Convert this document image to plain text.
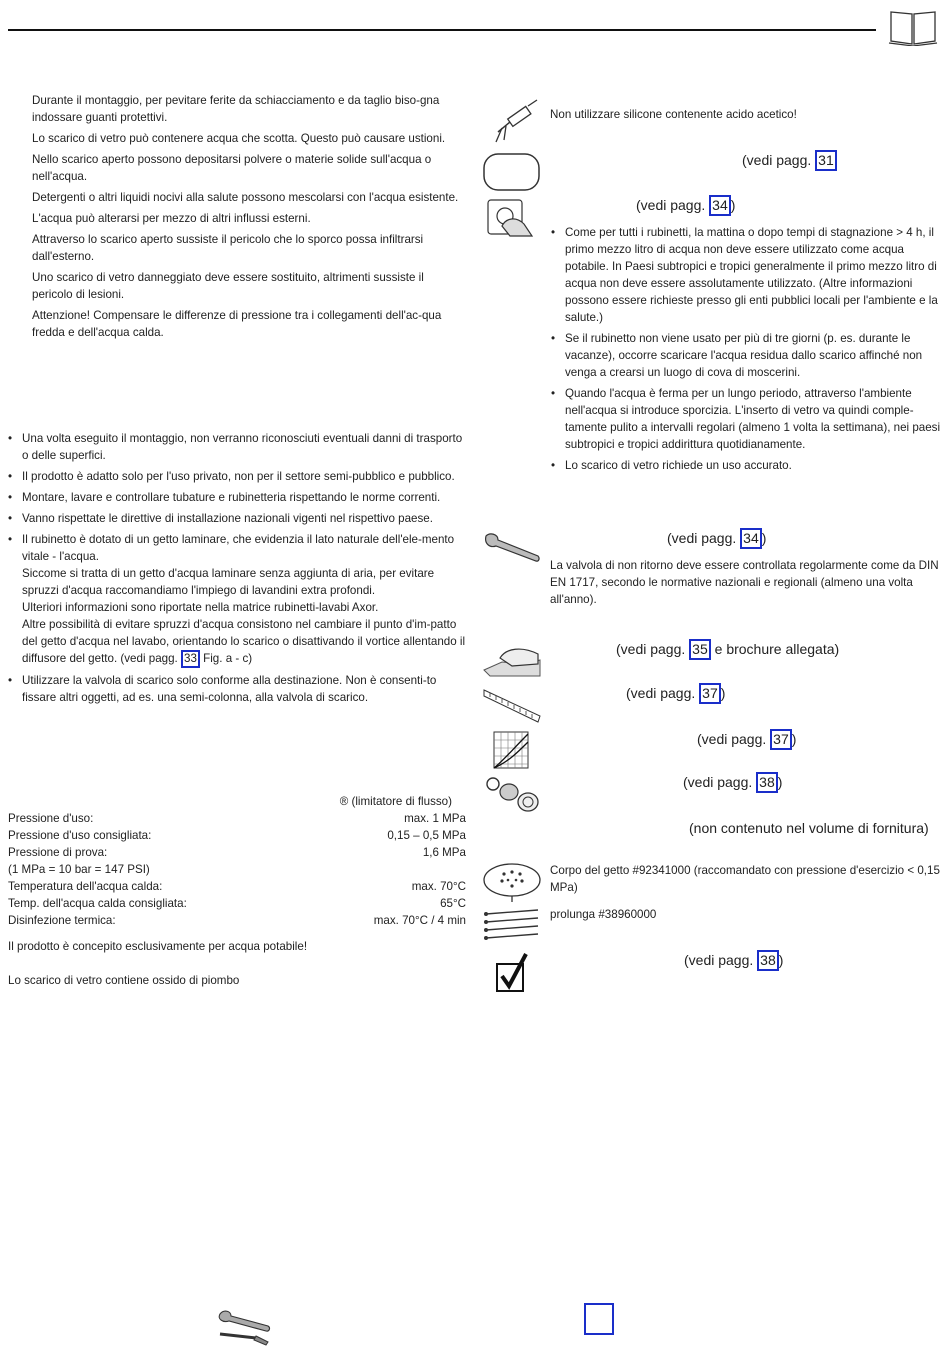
Durante il montaggio, per pevitare ferite da schiacciamento e da taglio biso-gna indossare guanti protettivi.

Lo scarico di vetro può contenere acqua che scotta. Questo può causare ustioni.

Nello scarico aperto possono depositarsi polvere o materie solide sull'acqua o nell'acqua.

Detergenti o altri liquidi nocivi alla salute possono mescolarsi con l'acqua esistente.

L'acqua può alterarsi per mezzo di altri influssi esterni.

Attraverso lo scarico aperto sussiste il pericolo che lo sporco possa infiltrarsi dall'esterno.

Uno scarico di vetro danneggiato deve essere sostituito, altrimenti sussiste il pericolo di lesioni.

Attenzione! Compensare le differenze di pressione tra i collegamenti dell'ac-qua fredda e dell'acqua calda.

• Una volta eseguito il montaggio, non verranno riconosciuti eventuali danni di trasporto o delle superfici.
• Il prodotto è adatto solo per l'uso privato, non per il settore semi-pubblico e pubblico.
• Montare, lavare e controllare tubature e rubinetteria rispettando le norme correnti.
• Vanno rispettate le direttive di installazione nazionali vigenti nel rispettivo paese.
• Il rubinetto è dotato di un getto laminare, che evidenzia il lato naturale dell'ele-mento vitale - l'acqua.
Siccome si tratta di un getto d'acqua laminare senza aggiunta di aria, per evitare spruzzi d'acqua raccomandiamo l'impiego di lavandini extra profondi.
Ulteriori informazioni sono riportate nella matrice rubinetti-lavabi Axor.
Altre possibilità di evitare spruzzi d'acqua consistono nel cambiare il punto d'im-patto del getto d'acqua nel lavabo, orientando lo scarico o disattivando il vortice allentando il diffusore del getto. (vedi pagg. 33 Fig. a - c)
• Utilizzare la valvola di scarico solo conforme alla destinazione. Non è consenti-to fissare altri oggetti, ad es. una semi-colonna, alla valvola di scarico.
® (limitatore di flusso)
Pressione d'uso:	max. 1 MPa
Pressione d'uso consigliata:	0,15 – 0,5 MPa
Pressione di prova:	1,6 MPa
(1 MPa = 10 bar = 147 PSI)
Temperatura dell'acqua calda:	max. 70°C
Temp. dell'acqua calda consigliata:	65°C
Disinfezione termica:	max. 70°C / 4 min
Il prodotto è concepito esclusivamente per acqua potabile!
Lo scarico di vetro contiene ossido di piombo
Non utilizzare silicone contenente acido acetico!
(vedi pagg. 31
(vedi pagg. 34 )
• Come per tutti i rubinetti, la mattina o dopo tempi di stagnazione > 4 h, il primo mezzo litro di acqua non deve essere utilizzato come acqua potabile. In Paesi subtropici e tropici generalmente il primo mezzo litro di acqua non deve essere assolutamente utilizzato. (Altre informazioni possono essere richieste presso gli enti pubblici locali per l'ambiente e la salute.)
• Se il rubinetto non viene usato per più di tre giorni (p. es. durante le vacanze), occorre scaricare l'acqua residua dallo scarico affinché non venga a crearsi un luogo di cova di moscerini.
• Quando l'acqua è ferma per un lungo periodo, attraverso l'ambiente nell'acqua si introduce sporcizia. L'inserto di vetro va quindi comple-tamente pulito a intervalli regolari (almeno 1 volta la settimana), nei paesi subtropici e tropici addirittura quotidianamente.
• Lo scarico di vetro richiede un uso accurato.
(vedi pagg. 34 )
La valvola di non ritorno deve essere controllata regolarmente come da DIN EN 1717, secondo le normative nazionali e regionali (almeno una volta all'anno).
(vedi pagg. 35 e brochure allegata)
(vedi pagg. 37 )
(vedi pagg. 37 )
(vedi pagg. 38 )
(non contenuto nel volume di fornitura)
Corpo del getto #92341000 (raccomandato con pressione d'esercizio < 0,15 MPa)
prolunga #38960000
(vedi pagg. 38 )
